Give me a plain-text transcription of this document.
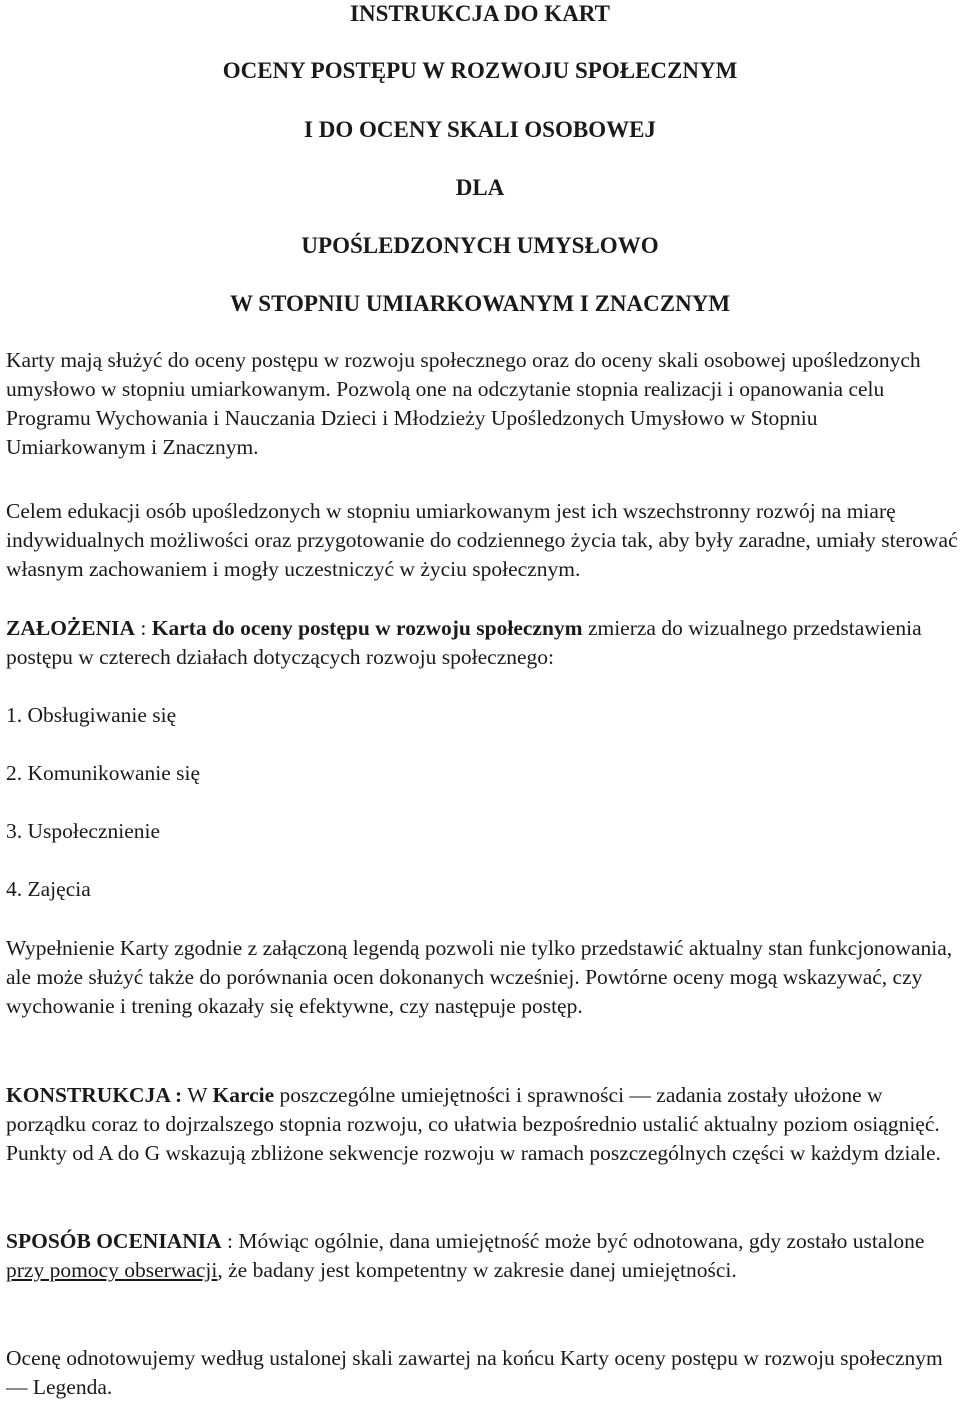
INSTRUKCJA DO KART
OCENY POSTĘPU W ROZWOJU SPOŁECZNYM
I DO OCENY SKALI OSOBOWEJ
DLA
UPOŚLEDZONYCH UMYSŁOWO
W STOPNIU UMIARKOWANYM I ZNACZNYM

Karty mają służyć do oceny postępu w rozwoju społecznego oraz do oceny skali osobowej upośledzonych umysłowo w stopniu umiarkowanym. Pozwolą one na odczytanie stopnia realizacji i opanowania celu Programu Wychowania i Nauczania Dzieci i Młodzieży Upośledzonych Umysłowo w Stopniu Umiarkowanym i Znacznym.

Celem edukacji osób upośledzonych w stopniu umiarkowanym jest ich wszechstronny rozwój na miarę indywidualnych możliwości oraz przygotowanie do codziennego życia tak, aby były zaradne, umiały sterować własnym zachowaniem i mogły uczestniczyć w życiu społecznym.

ZAŁOŻENIA : Karta do oceny postępu w rozwoju społecznym zmierza do wizualnego przedstawienia postępu w czterech działach dotyczących rozwoju społecznego:

1. Obsługiwanie się

2. Komunikowanie się

3. Uspołecznienie

4. Zajęcia

Wypełnienie Karty zgodnie z załączoną legendą pozwoli nie tylko przedstawić aktualny stan funkcjonowania, ale może służyć także do porównania ocen dokonanych wcześniej. Powtórne oceny mogą wskazywać, czy wychowanie i trening okazały się efektywne, czy następuje postęp.

KONSTRUKCJA : W Karcie poszczególne umiejętności i sprawności — zadania zostały ułożone w porządku coraz to dojrzalszego stopnia rozwoju, co ułatwia bezpośrednio ustalić aktualny poziom osiągnięć. Punkty od A do G wskazują zbliżone sekwencje rozwoju w ramach poszczególnych części w każdym dziale.

SPOSÓB OCENIANIA : Mówiąc ogólnie, dana umiejętność może być odnotowana, gdy zostało ustalone przy pomocy obserwacji, że badany jest kompetentny w zakresie danej umiejętności.

Ocenę odnotowujemy według ustalonej skali zawartej na końcu Karty oceny postępu w rozwoju społecznym — Legenda.
